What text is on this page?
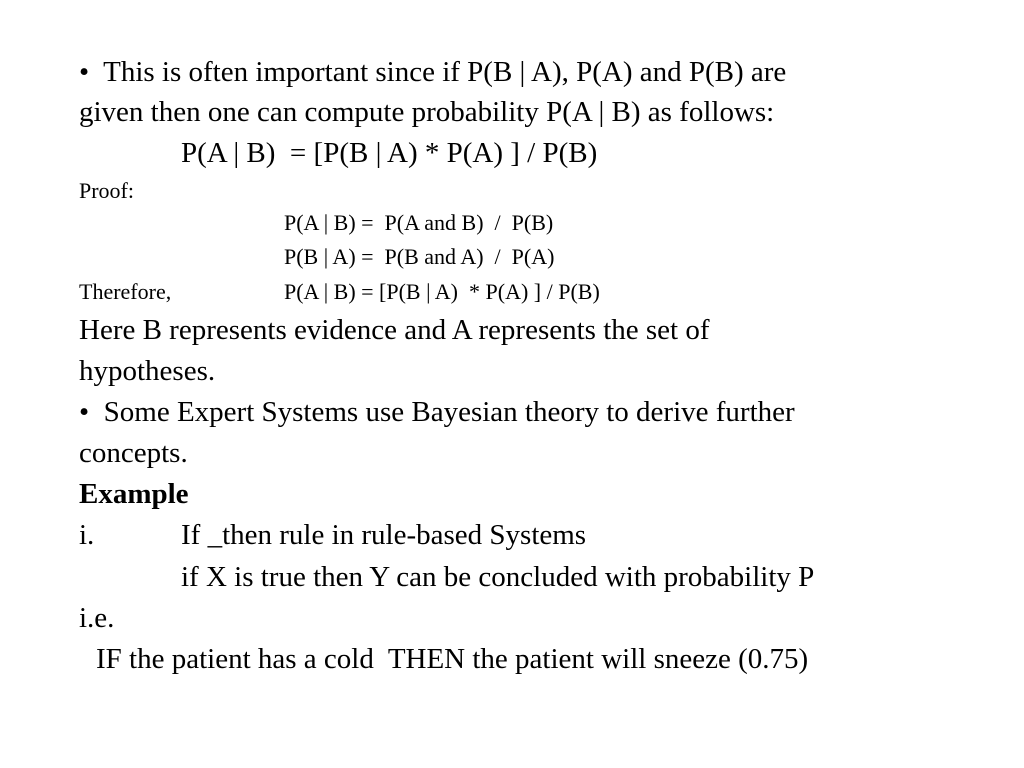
•  This is often important since if P(B | A), P(A) and P(B) are
given then one can compute probability P(A | B) as follows:
P(A | B)  = [P(B | A) * P(A) ] / P(B)
Proof:
P(A | B) =  P(A and B)  /  P(B)
P(B | A) =  P(B and A)  /  P(A)
Therefore,	P(A | B) = [P(B | A)  * P(A) ] / P(B)
Here B represents evidence and A represents the set of
hypotheses.
•  Some Expert Systems use Bayesian theory to derive further
concepts.
Example
i.	If _then rule in rule-based Systems
if X is true then Y can be concluded with probability P
i.e.
IF the patient has a cold  THEN the patient will sneeze (0.75)
